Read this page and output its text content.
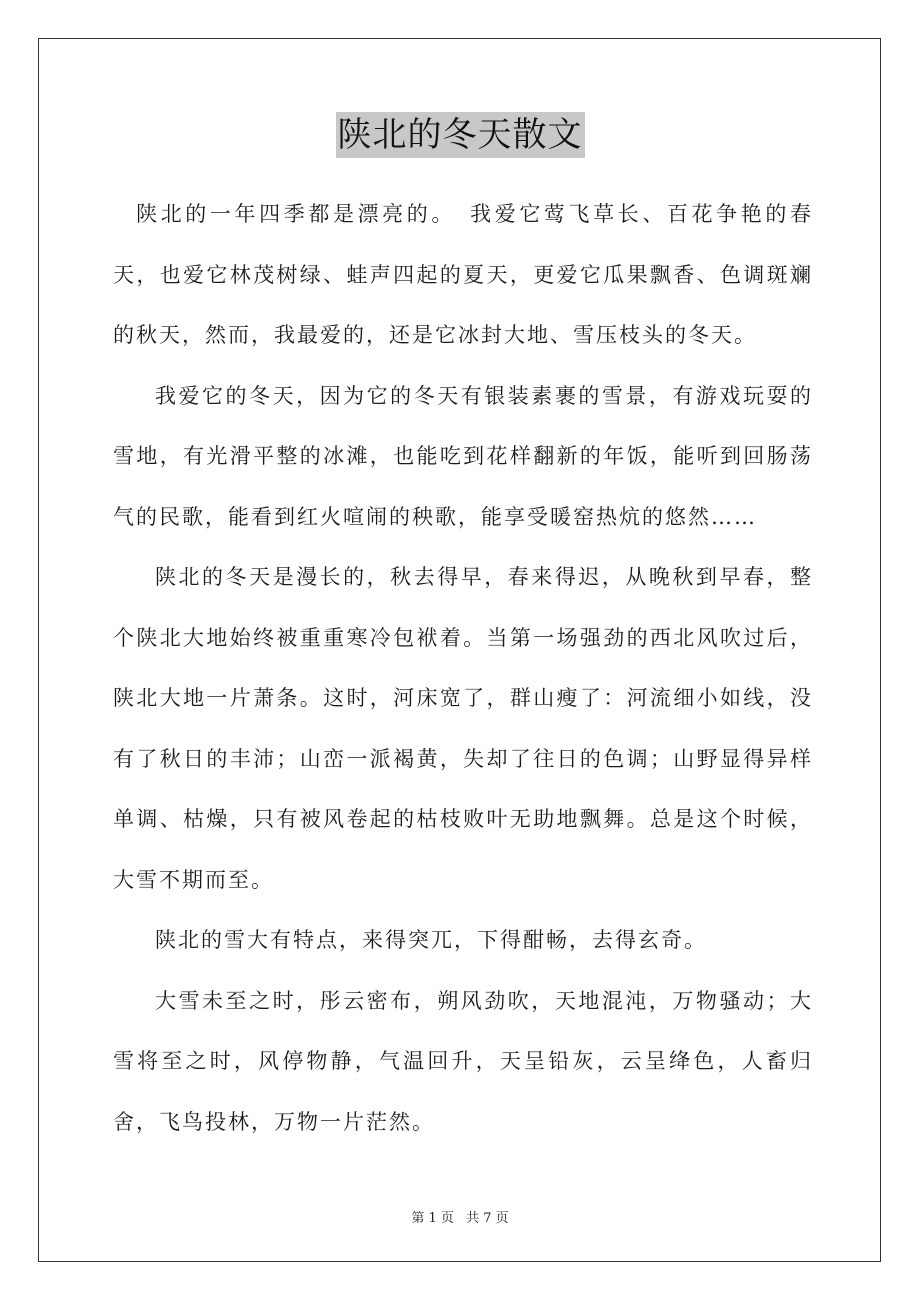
陕北的冬天散文

陕北的一年四季都是漂亮的。　我爱它莺飞草长、百花争艳的春天，也爱它林茂树绿、蛙声四起的夏天，更爱它瓜果飘香、色调斑斓的秋天，然而，我最爱的，还是它冰封大地、雪压枝头的冬天。

我爱它的冬天，因为它的冬天有银装素裹的雪景，有游戏玩耍的雪地，有光滑平整的冰滩，也能吃到花样翻新的年饭，能听到回肠荡气的民歌，能看到红火喧闹的秧歌，能享受暖窑热炕的悠然……

陕北的冬天是漫长的，秋去得早，春来得迟，从晚秋到早春，整个陕北大地始终被重重寒冷包袱着。当第一场强劲的西北风吹过后，陕北大地一片萧条。这时，河床宽了，群山瘦了：河流细小如线，没有了秋日的丰沛；山峦一派褐黄，失却了往日的色调；山野显得异样单调、枯燥，只有被风卷起的枯枝败叶无助地飘舞。总是这个时候，大雪不期而至。

陕北的雪大有特点，来得突兀，下得酣畅，去得玄奇。

大雪未至之时，彤云密布，朔风劲吹，天地混沌，万物骚动；大雪将至之时，风停物静，气温回升，天呈铅灰，云呈绛色，人畜归舍，飞鸟投林，万物一片茫然。

第 1 页 共 7 页
